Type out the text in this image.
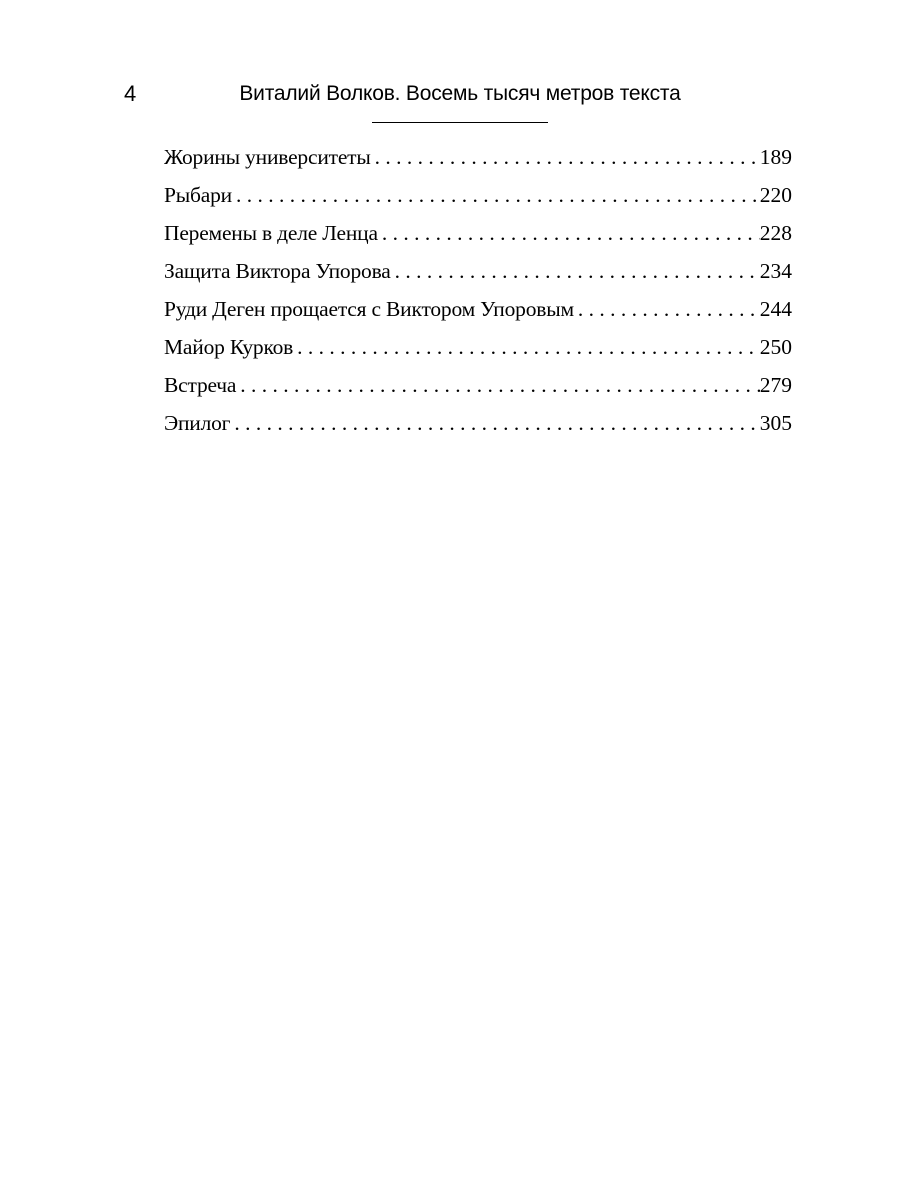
4	Виталий Волков. Восемь тысяч метров текста
Жорины университеты . . .	189
Рыбари . . .	220
Перемены в деле Ленца . . .	228
Защита Виктора Упорова . . .	234
Руди Деген прощается с Виктором Упоровым . . .	244
Майор Курков . . .	250
Встреча . . .	279
Эпилог . . .	305
